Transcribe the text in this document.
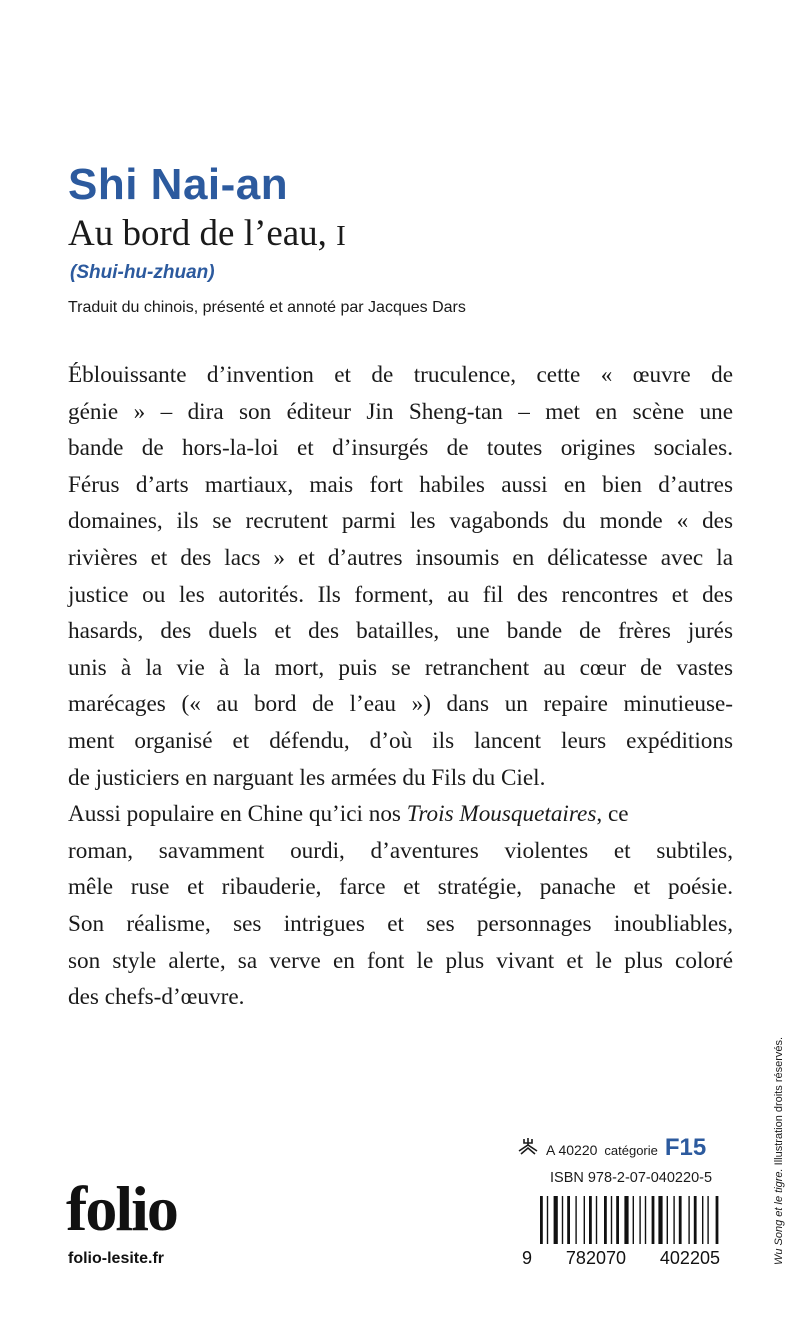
Shi Nai-an
Au bord de l’eau, I
(Shui-hu-zhuan)
Traduit du chinois, présenté et annoté par Jacques Dars
Éblouissante d’invention et de truculence, cette « œuvre de
génie » – dira son éditeur Jin Sheng-tan – met en scène une
bande de hors-la-loi et d’insurgés de toutes origines sociales.
Férus d’arts martiaux, mais fort habiles aussi en bien d’autres
domaines, ils se recrutent parmi les vagabonds du monde « des
rivières et des lacs » et d’autres insoumis en délicatesse avec la
justice ou les autorités. Ils forment, au fil des rencontres et des
hasards, des duels et des batailles, une bande de frères jurés
unis à la vie à la mort, puis se retranchent au cœur de vastes
marécages (« au bord de l’eau ») dans un repaire minutieuse-
ment organisé et défendu, d’où ils lancent leurs expéditions
de justiciers en narguant les armées du Fils du Ciel.
Aussi populaire en Chine qu’ici nos Trois Mousquetaires, ce
roman, savamment ourdi, d’aventures violentes et subtiles,
mêle ruse et ribauderie, farce et stratégie, panache et poésie.
Son réalisme, ses intrigues et ses personnages inoubliables,
son style alerte, sa verve en font le plus vivant et le plus coloré
des chefs-d’œuvre.
folio
folio-lesite.fr
A 40220 catégorie F15
ISBN 978-2-07-040220-5
9 782070 402205	Wu Song et le tigre. Illustration droits réservés.
